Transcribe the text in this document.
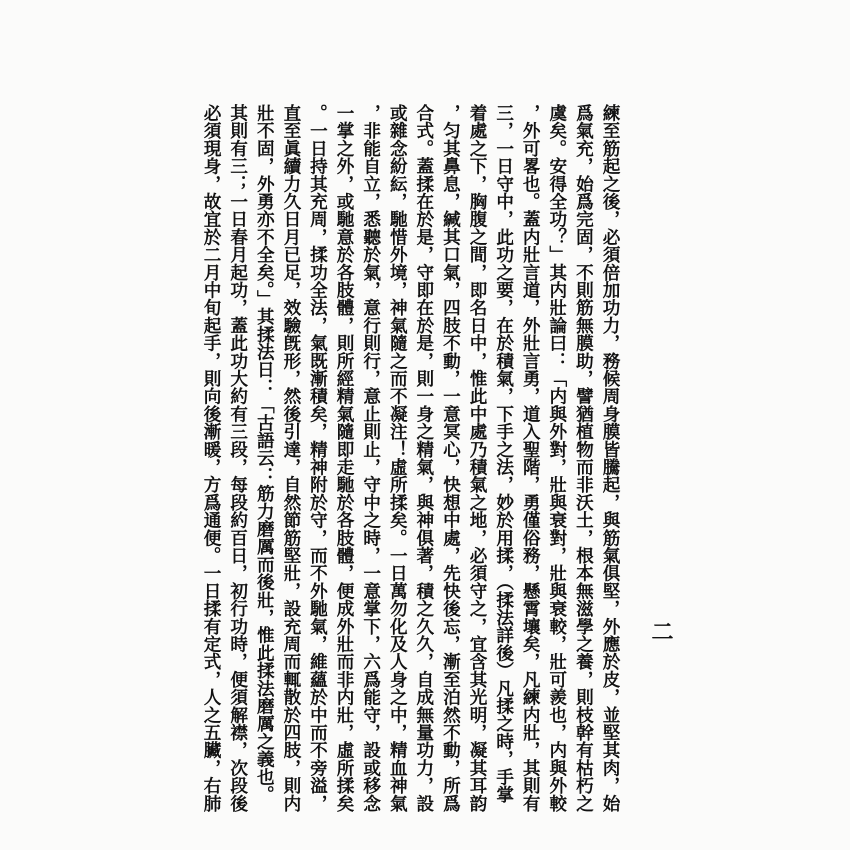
練至筋起之後，必須倍加功力，務候周身膜皆騰起，與筋氣俱堅，外應於皮，並堅其肉，始
爲氣充，始爲完固，不則筋無膜助，譬猶植物而非沃土，根本無滋學之養，則枝幹有枯朽之
虞矣。安得全功？」其内壯論曰：「内與外對，壯與衰對，壯與衰較，壯可羨也，内與外較
，外可畧也。蓋内壯言道，外壯言勇，道入聖階，勇僅俗務，懸霄壤矣，凡練内壯，其則有
三，一日守中，此功之要，在於積氣，下手之法，妙於用揉，（揉法詳後）凡揉之時，手掌
着處之下，胸腹之間，即名日中，惟此中處乃積氣之地，必須守之，宜含其光明，凝其耳韵
，匀其鼻息，緘其口氣，四肢不動，一意冥心，快想中處，先快後忘，漸至泊然不動，所爲
合式。蓋揉在於是，守即在於是，則一身之精氣，與神俱著，積之久久，自成無量功力，設
或雜念紛紜，馳惜外境，神氣隨之而不凝注！虛所揉矣。一日萬勿化及人身之中，精血神氣
，非能自立，悉聽於氣，意行則行，意止則止，守中之時，一意掌下，六爲能守，設或移念
一掌之外，或馳意於各肢體，則所經精氣隨即走馳於各肢體，便成外壯而非内壯，虛所揉矣
。一日持其充周，揉功全法，氣既漸積矣，精神附於守，而不外馳氣，維蘊於中而不旁溢，
直至眞續力久日月已足，效驗旣形，然後引達，自然節筋堅壯，設充周而輒散於四肢，則内
壯不固，外勇亦不全矣。」其揉法日：「古語云：筋力磨厲而後壯，惟此揉法磨厲之義也。
其則有三；一日春月起功，蓋此功大約有三段，每段約百日，初行功時，便須解襟，次段後
必須現身，故宜於二月中旬起手，則向後漸暖，方爲通便。一日揉有定式，人之五臟，右肺	二
